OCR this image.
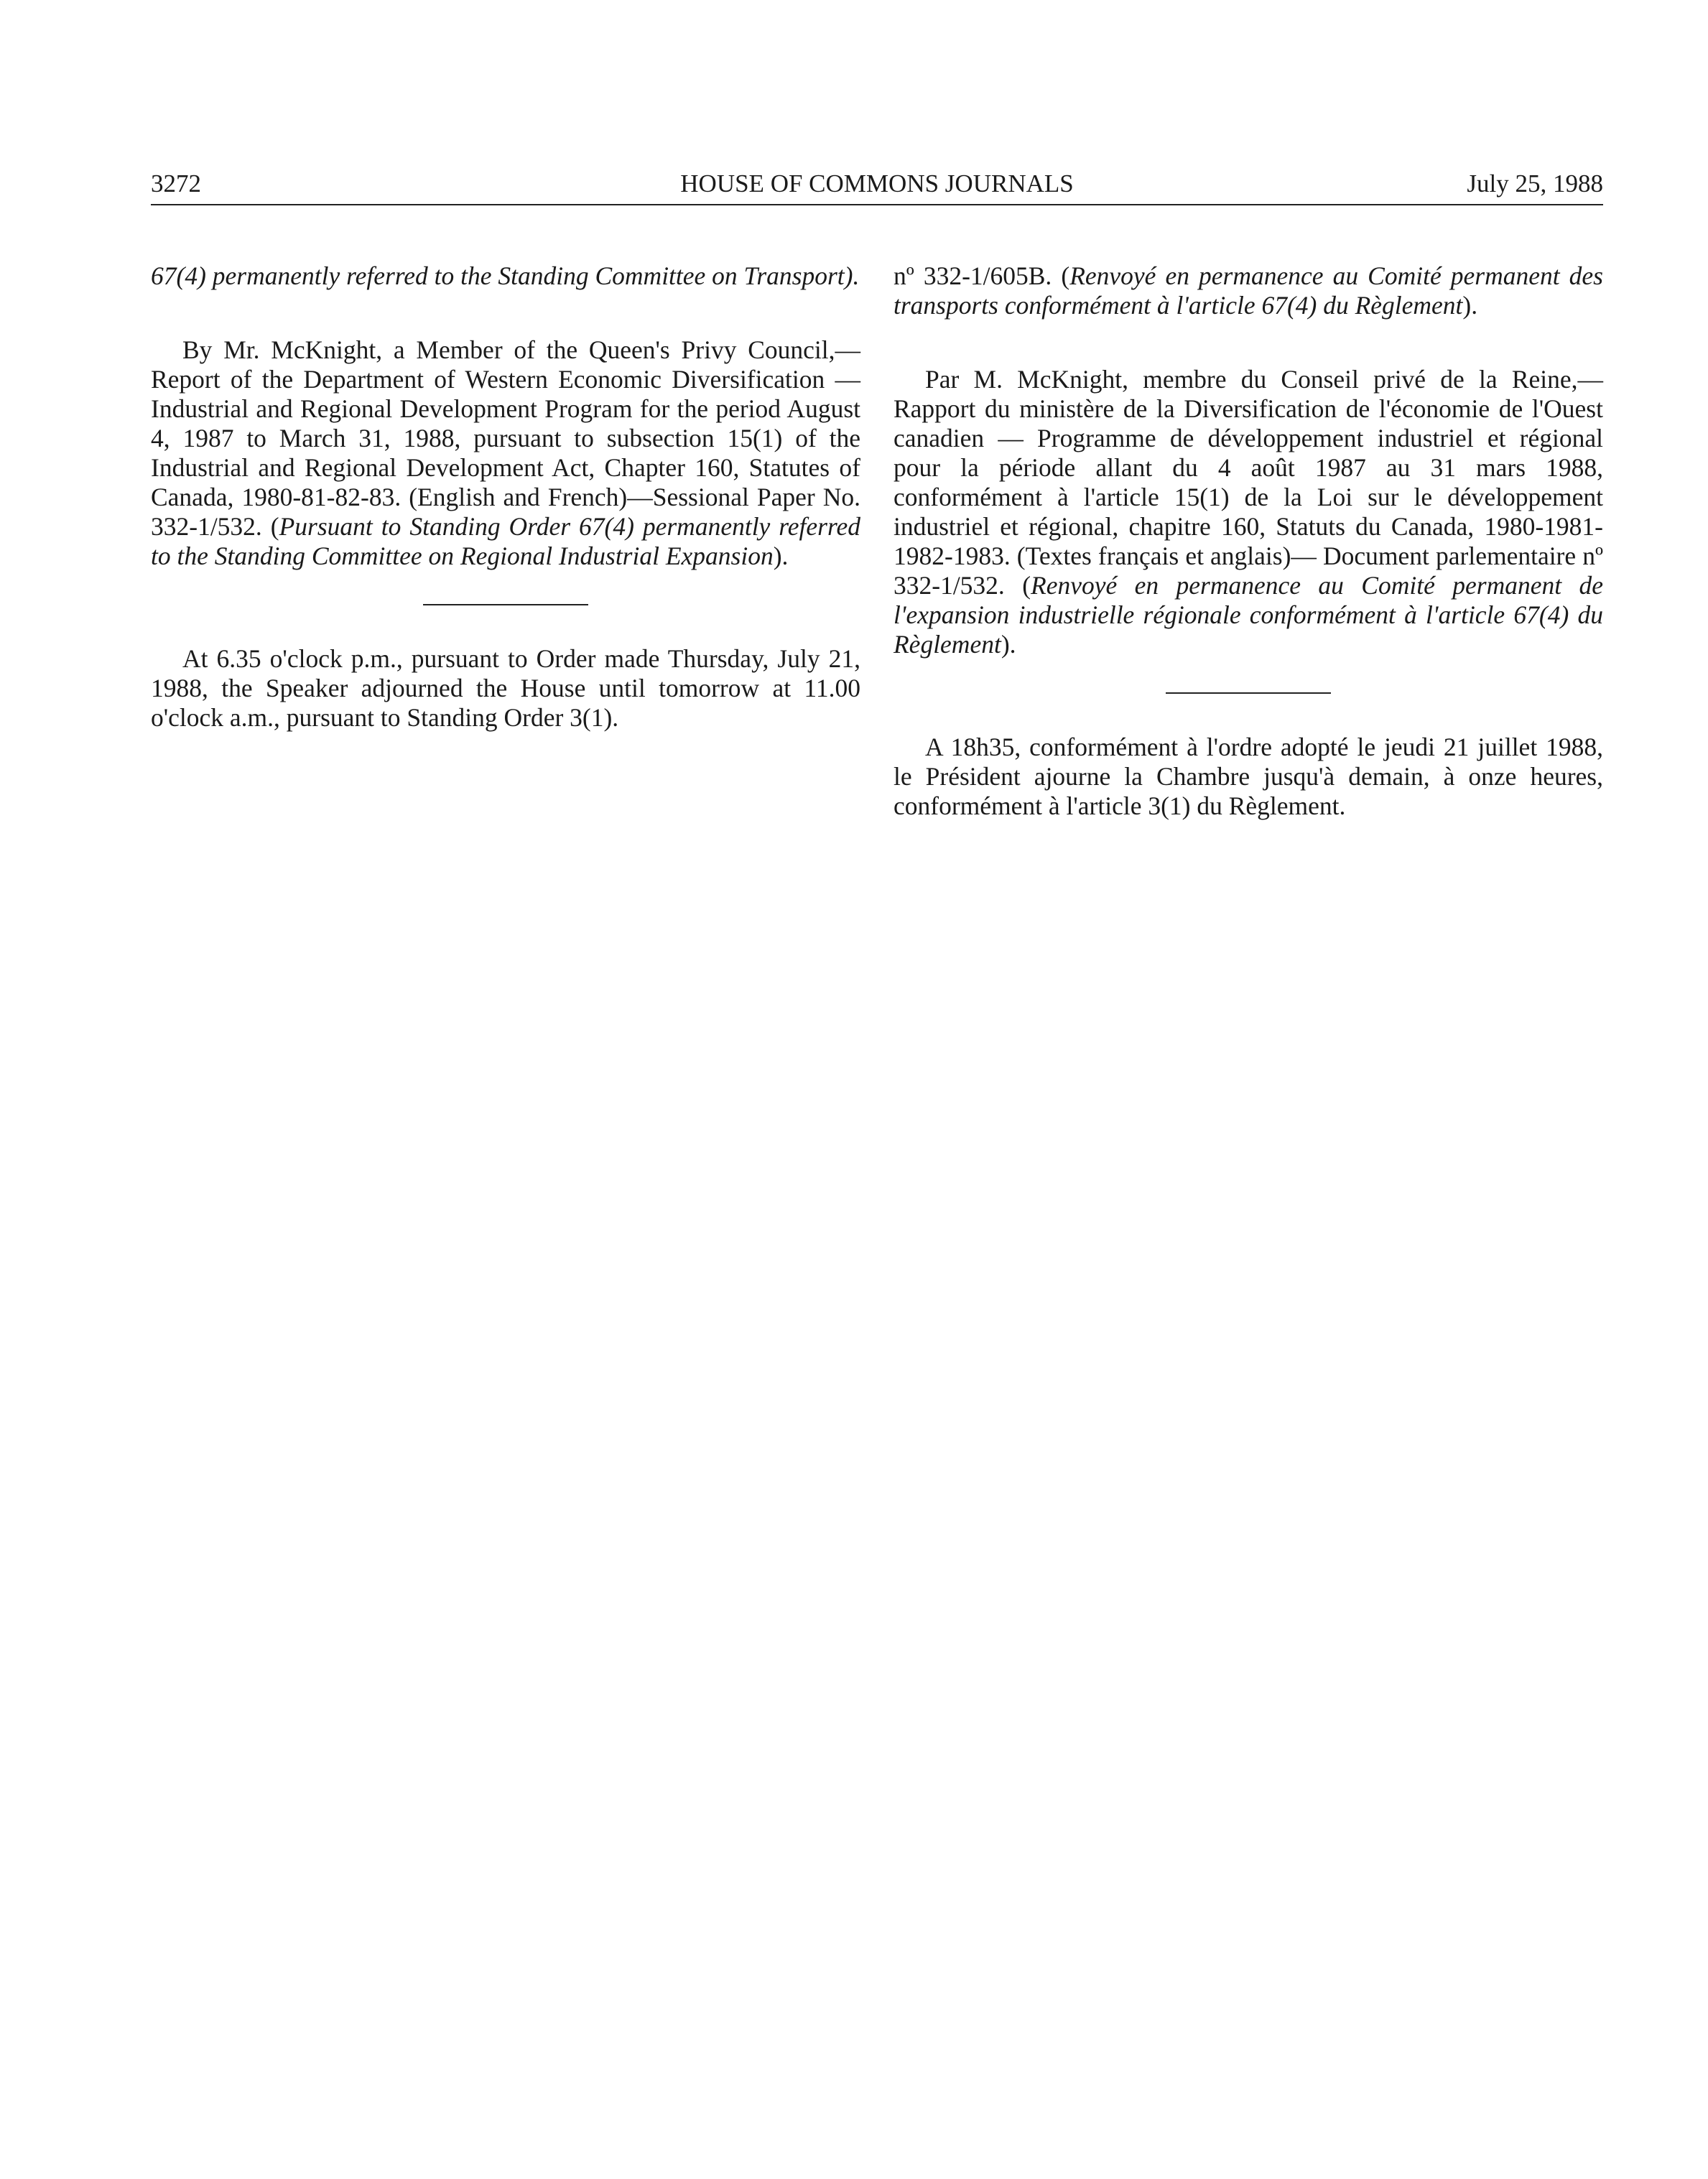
3272	HOUSE OF COMMONS JOURNALS	July 25, 1988

67(4) permanently referred to the Standing Committee on Transport).

By Mr. McKnight, a Member of the Queen's Privy Council,—Report of the Department of Western Economic Diversification — Industrial and Regional Development Program for the period August 4, 1987 to March 31, 1988, pursuant to subsection 15(1) of the Industrial and Regional Development Act, Chapter 160, Statutes of Canada, 1980-81-82-83. (English and French)—Sessional Paper No. 332-1/532. (Pursuant to Standing Order 67(4) permanently referred to the Standing Committee on Regional Industrial Expansion).

At 6.35 o'clock p.m., pursuant to Order made Thursday, July 21, 1988, the Speaker adjourned the House until tomorrow at 11.00 o'clock a.m., pursuant to Standing Order 3(1).

nº 332-1/605B. (Renvoyé en permanence au Comité permanent des transports conformément à l'article 67(4) du Règlement).

Par M. McKnight, membre du Conseil privé de la Reine,— Rapport du ministère de la Diversification de l'économie de l'Ouest canadien — Programme de développement industriel et régional pour la période allant du 4 août 1987 au 31 mars 1988, conformément à l'article 15(1) de la Loi sur le développement industriel et régional, chapitre 160, Statuts du Canada, 1980-1981-1982-1983. (Textes français et anglais)— Document parlementaire nº 332-1/532. (Renvoyé en permanence au Comité permanent de l'expansion industrielle régionale conformément à l'article 67(4) du Règlement).

A 18h35, conformément à l'ordre adopté le jeudi 21 juillet 1988, le Président ajourne la Chambre jusqu'à demain, à onze heures, conformément à l'article 3(1) du Règlement.
